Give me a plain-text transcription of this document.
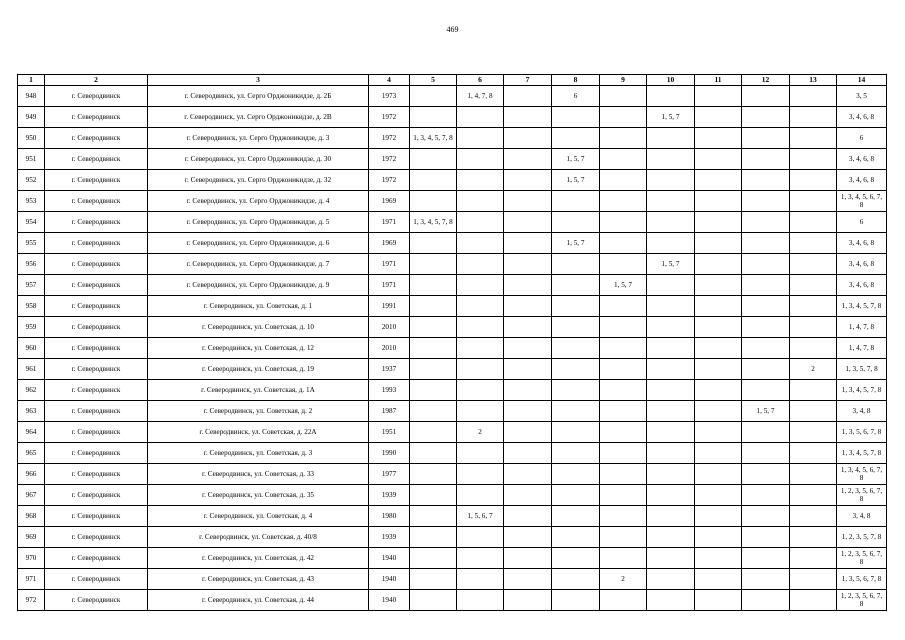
469
1	2	3	4	5	6	7	8	9	10	11	12	13	14
948	г. Северодвинск	г. Северодвинск, ул. Серго Орджоникидзе, д. 2Б	1973		1, 4, 7, 8		6						3, 5
949	г. Северодвинск	г. Северодвинск, ул. Серго Орджоникидзе, д. 2В	1972						1, 5, 7				3, 4, 6, 8
950	г. Северодвинск	г. Северодвинск, ул. Серго Орджоникидзе, д. 3	1972	1, 3, 4, 5, 7, 8									6
951	г. Северодвинск	г. Северодвинск, ул. Серго Орджоникидзе, д. 30	1972				1, 5, 7						3, 4, 6, 8
952	г. Северодвинск	г. Северодвинск, ул. Серго Орджоникидзе, д. 32	1972				1, 5, 7						3, 4, 6, 8
953	г. Северодвинск	г. Северодвинск, ул. Серго Орджоникидзе, д. 4	1969										1, 3, 4, 5, 6, 7, 8
954	г. Северодвинск	г. Северодвинск, ул. Серго Орджоникидзе, д. 5	1971	1, 3, 4, 5, 7, 8									6
955	г. Северодвинск	г. Северодвинск, ул. Серго Орджоникидзе, д. 6	1969				1, 5, 7						3, 4, 6, 8
956	г. Северодвинск	г. Северодвинск, ул. Серго Орджоникидзе, д. 7	1971						1, 5, 7				3, 4, 6, 8
957	г. Северодвинск	г. Северодвинск, ул. Серго Орджоникидзе, д. 9	1971					1, 5, 7					3, 4, 6, 8
958	г. Северодвинск	г. Северодвинск, ул. Советская, д. 1	1991										1, 3, 4, 5, 7, 8
959	г. Северодвинск	г. Северодвинск, ул. Советская, д. 10	2010										1, 4, 7, 8
960	г. Северодвинск	г. Северодвинск, ул. Советская, д. 12	2010										1, 4, 7, 8
961	г. Северодвинск	г. Северодвинск, ул. Советская, д. 19	1937									2	1, 3, 5, 7, 8
962	г. Северодвинск	г. Северодвинск, ул. Советская, д. 1А	1993										1, 3, 4, 5, 7, 8
963	г. Северодвинск	г. Северодвинск, ул. Советская, д. 2	1987								1, 5, 7		3, 4, 8
964	г. Северодвинск	г. Северодвинск, ул. Советская, д. 22А	1951		2								1, 3, 5, 6, 7, 8
965	г. Северодвинск	г. Северодвинск, ул. Советская, д. 3	1990										1, 3, 4, 5, 7, 8
966	г. Северодвинск	г. Северодвинск, ул. Советская, д. 33	1977										1, 3, 4, 5, 6, 7, 8
967	г. Северодвинск	г. Северодвинск, ул. Советская, д. 35	1939										1, 2, 3, 5, 6, 7, 8
968	г. Северодвинск	г. Северодвинск, ул. Советская, д. 4	1980		1, 5, 6, 7								3, 4, 8
969	г. Северодвинск	г. Северодвинск, ул. Советская, д. 40/8	1939										1, 2, 3, 5, 7, 8
970	г. Северодвинск	г. Северодвинск, ул. Советская, д. 42	1940										1, 2, 3, 5, 6, 7, 8
971	г. Северодвинск	г. Северодвинск, ул. Советская, д. 43	1940					2					1, 3, 5, 6, 7, 8
972	г. Северодвинск	г. Северодвинск, ул. Советская, д. 44	1940										1, 2, 3, 5, 6, 7, 8
